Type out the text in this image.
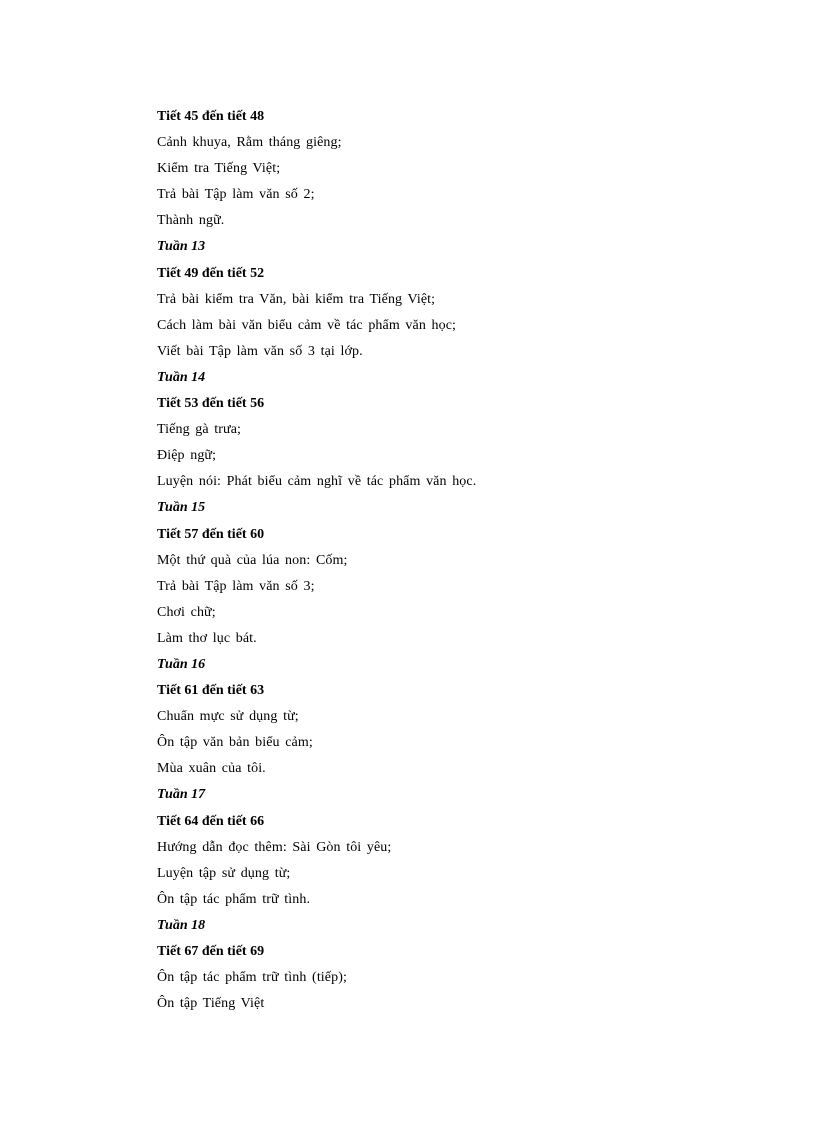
Tiết 45 đến tiết 48

Cảnh khuya, Rằm tháng giêng;

Kiểm tra Tiếng Việt;

Trả bài Tập làm văn số 2;

Thành ngữ.

Tuần 13

Tiết 49 đến tiết 52

Trả bài kiểm tra Văn, bài kiểm tra Tiếng Việt;

Cách làm bài văn biểu cảm về tác phẩm văn học;

Viết bài Tập làm văn số 3 tại lớp.

Tuần 14

Tiết 53 đến tiết 56

Tiếng gà trưa;

Điệp ngữ;

Luyện nói: Phát biểu cảm nghĩ về tác phẩm văn học.

Tuần 15

Tiết 57 đến tiết 60

Một thứ quà của lúa non: Cốm;

Trả bài Tập làm văn số 3;

Chơi chữ;

Làm thơ lục bát.

Tuần 16

Tiết 61 đến tiết 63

Chuẩn mực sử dụng từ;

Ôn tập văn bản biểu cảm;

Mùa xuân của tôi.

Tuần 17

Tiết 64 đến tiết 66

Hướng dẫn đọc thêm: Sài Gòn tôi yêu;

Luyện tập sử dụng từ;

Ôn tập tác phẩm trữ tình.

Tuần 18

Tiết 67 đến tiết 69

Ôn tập tác phẩm trữ tình (tiếp);

Ôn tập Tiếng Việt
